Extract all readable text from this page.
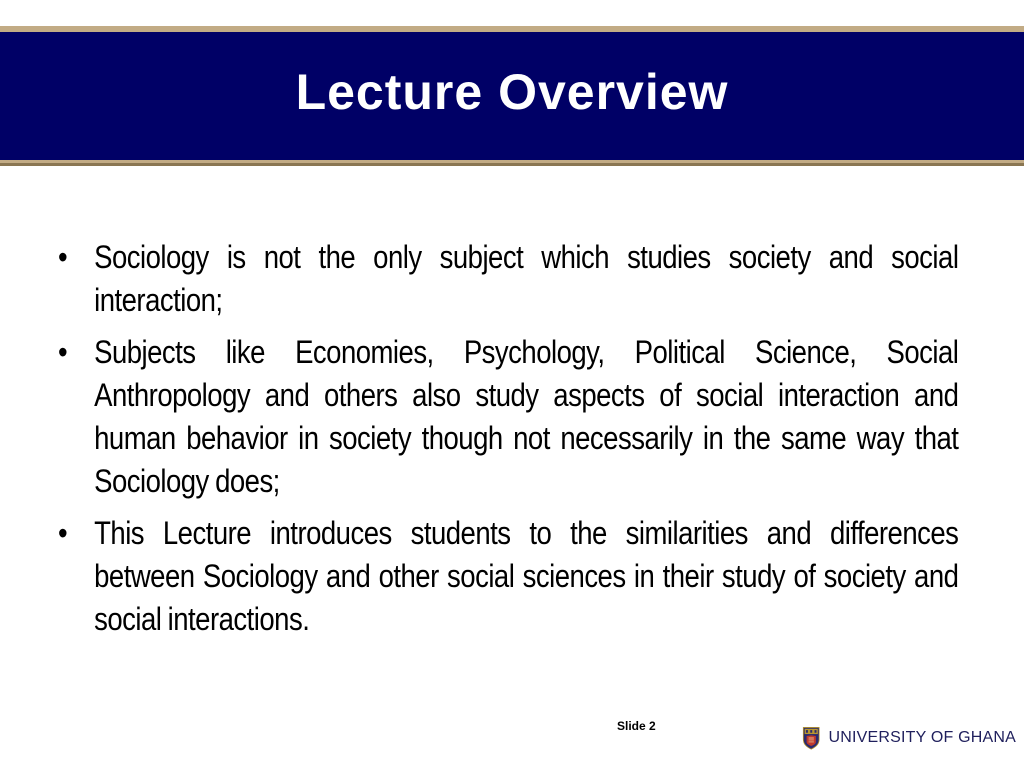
Lecture Overview
• Sociology is not the only subject which studies society and social interaction;
• Subjects like Economies, Psychology, Political Science, Social Anthropology and others also study aspects of social interaction and human behavior in society though not necessarily in the same way that Sociology does;
• This Lecture introduces students to the similarities and differences between Sociology and other social sciences in their study of society and social interactions.
Slide 2
UNIVERSITY OF GHANA
